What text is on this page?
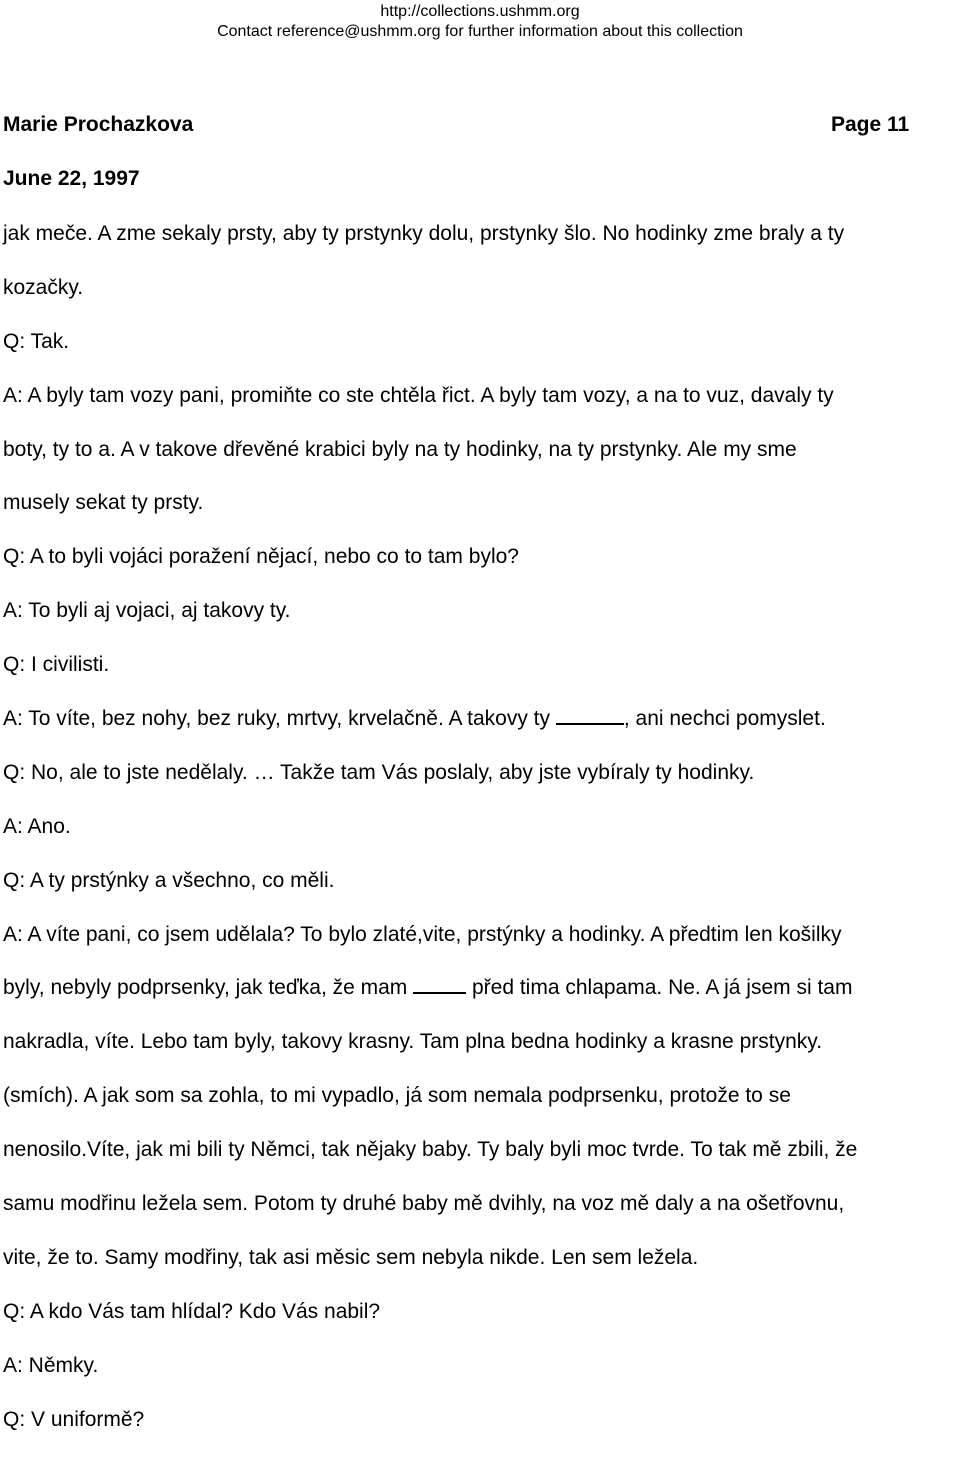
http://collections.ushmm.org
Contact reference@ushmm.org for further information about this collection
Marie Prochazkova	Page 11
June 22, 1997
jak meče. A zme sekaly prsty, aby ty prstynky dolu, prstynky šlo. No hodinky zme braly a ty
kozačky.
Q: Tak.
A: A byly tam vozy pani, promiňte co ste chtěla řict. A byly tam vozy, a na to vuz, davaly ty
boty, ty to a. A v takove dřevěné krabici byly na ty hodinky, na ty prstynky. Ale my sme
musely sekat ty prsty.
Q: A to byli vojáci poražení nějací, nebo co to tam bylo?
A: To byli aj vojaci, aj takovy ty.
Q: I civilisti.
A: To víte, bez nohy, bez ruky, mrtvy, krvelačně. A takovy ty	, ani nechci pomyslet.
Q: No, ale to jste nedělaly. … Takže tam Vás poslaly, aby jste vybíraly ty hodinky.
A: Ano.
Q: A ty prstýnky a všechno, co měli.
A: A víte pani, co jsem udělala? To bylo zlaté,vite, prstýnky a hodinky. A předtim len košilky
byly, nebyly podprsenky, jak teďka, že mam	před tima chlapama. Ne. A já jsem si tam
nakradla, víte. Lebo tam byly, takovy krasny. Tam plna bedna hodinky a krasne prstynky.
(smích). A jak som sa zohla, to mi vypadlo, já som nemala podprsenku, protože to se
nenosilo.Víte, jak mi bili ty Němci, tak nějaky baby. Ty baly byli moc tvrde. To tak mě zbili, že
samu modřinu ležela sem. Potom ty druhé baby mě dvihly, na voz mě daly a na ošetřovnu,
vite, že to. Samy modřiny, tak asi měsic sem nebyla nikde. Len sem ležela.
Q: A kdo Vás tam hlídal? Kdo Vás nabil?
A: Němky.
Q: V uniformě?
